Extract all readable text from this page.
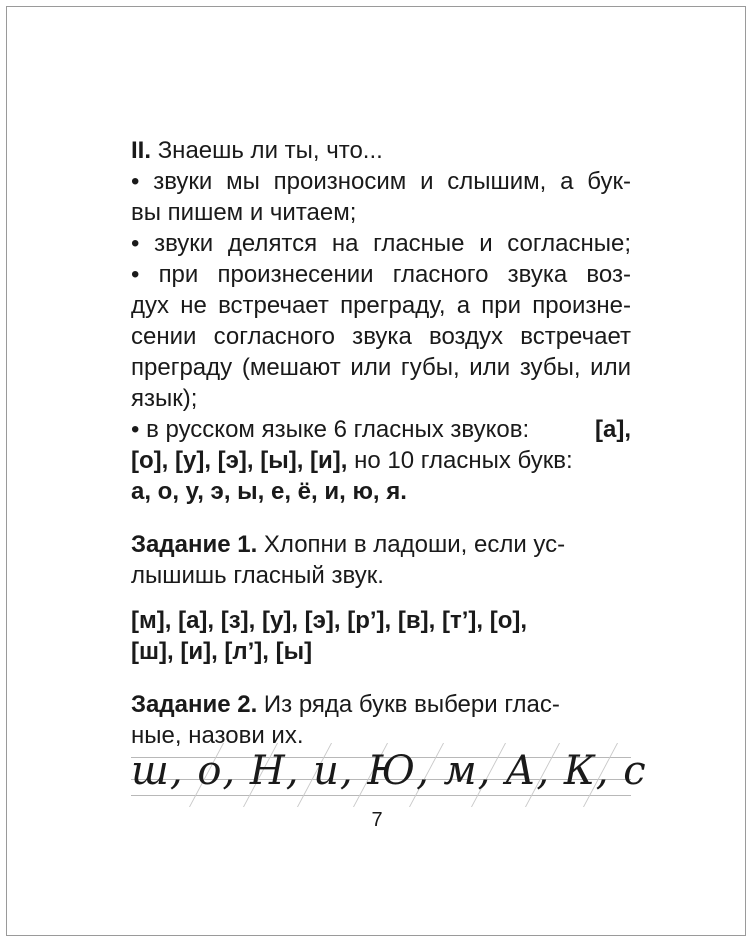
II. Знаешь ли ты, что...
• звуки мы произносим и слышим, а бук-
вы пишем и читаем;
• звуки делятся на гласные и согласные;
• при произнесении гласного звука воз-
дух не встречает преграду, а при произне-
сении согласного звука воздух встречает
преграду (мешают или губы, или зубы, или
язык);
• в русском языке 6 гласных звуков: [а],
[о], [у], [э], [ы], [и], но 10 гласных букв:
а, о, у, э, ы, е, ё, и, ю, я.
Задание 1. Хлопни в ладоши, если ус-
лышишь гласный звук.
[м], [а], [з], [у], [э], [р’], [в], [т’], [о],
[ш], [и], [л’], [ы]
Задание 2. Из ряда букв выбери глас-
ные, назови их.
ш, о, Н, и, Ю, м, А, К, с
7
